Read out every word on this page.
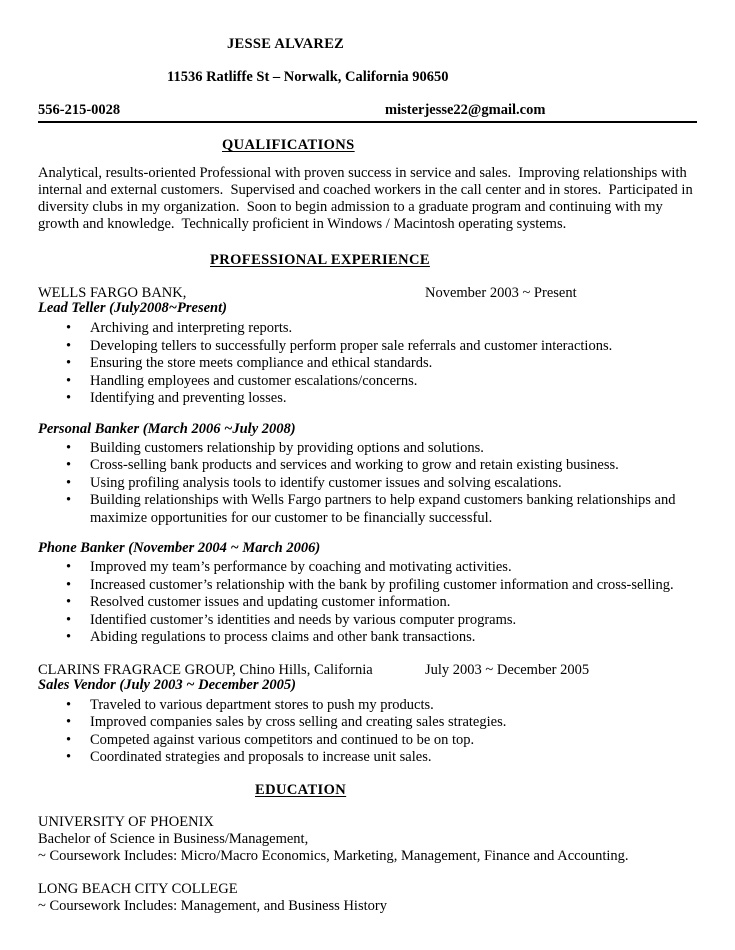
JESSE ALVAREZ
11536 Ratliffe St – Norwalk, California 90650
556-215-0028	misterjesse22@gmail.com
QUALIFICATIONS

Analytical, results-oriented Professional with proven success in service and sales.  Improving relationships with internal and external customers.  Supervised and coached workers in the call center and in stores.  Participated in diversity clubs in my organization.  Soon to begin admission to a graduate program and continuing with my growth and knowledge.  Technically proficient in Windows / Macintosh operating systems.

PROFESSIONAL EXPERIENCE
WELLS FARGO BANK,	November 2003 ~ Present
Lead Teller (July2008~Present)
• Archiving and interpreting reports.
• Developing tellers to successfully perform proper sale referrals and customer interactions.
• Ensuring the store meets compliance and ethical standards.
• Handling employees and customer escalations/concerns.
• Identifying and preventing losses.
Personal Banker (March 2006 ~July 2008)
• Building customers relationship by providing options and solutions.
• Cross-selling bank products and services and working to grow and retain existing business.
• Using profiling analysis tools to identify customer issues and solving escalations.
• Building relationships with Wells Fargo partners to help expand customers banking relationships and maximize opportunities for our customer to be financially successful.
Phone Banker (November 2004 ~ March 2006)
• Improved my team’s performance by coaching and motivating activities.
• Increased customer’s relationship with the bank by profiling customer information and cross-selling.
• Resolved customer issues and updating customer information.
• Identified customer’s identities and needs by various computer programs.
• Abiding regulations to process claims and other bank transactions.
CLARINS FRAGRACE GROUP, Chino Hills, California	July 2003 ~ December 2005
Sales Vendor (July 2003 ~ December 2005)
• Traveled to various department stores to push my products.
• Improved companies sales by cross selling and creating sales strategies.
• Competed against various competitors and continued to be on top.
• Coordinated strategies and proposals to increase unit sales.
EDUCATION
UNIVERSITY OF PHOENIX
Bachelor of Science in Business/Management,
~ Coursework Includes: Micro/Macro Economics, Marketing, Management, Finance and Accounting.
LONG BEACH CITY COLLEGE
~ Coursework Includes: Management, and Business History
